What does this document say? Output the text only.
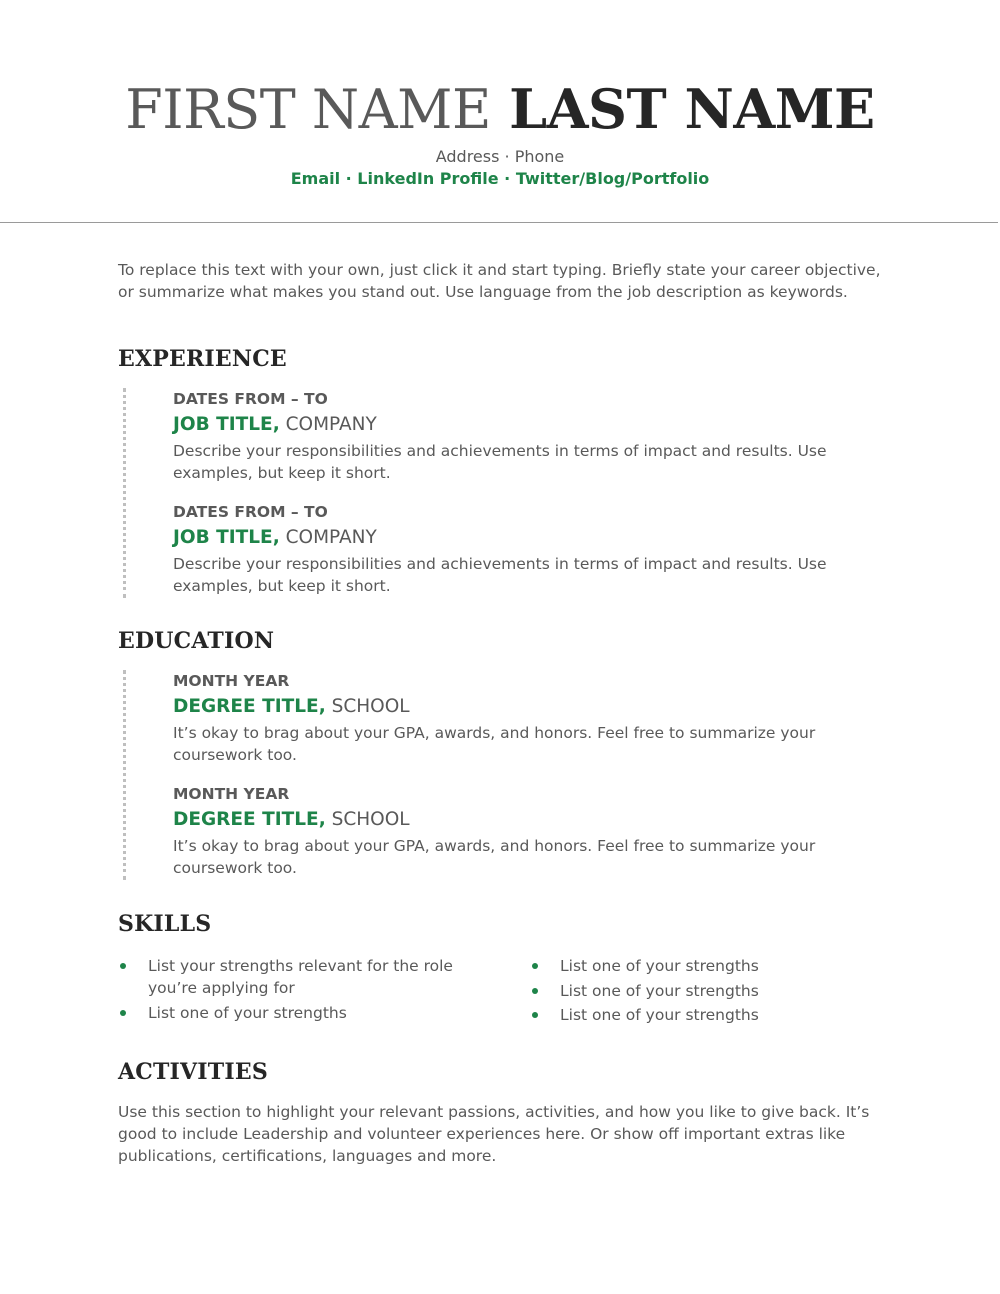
FIRST NAME LAST NAME
Address · Phone
Email · LinkedIn Profile · Twitter/Blog/Portfolio

To replace this text with your own, just click it and start typing. Briefly state your career objective, or summarize what makes you stand out. Use language from the job description as keywords.

EXPERIENCE
DATES FROM – TO
JOB TITLE, COMPANY
Describe your responsibilities and achievements in terms of impact and results. Use examples, but keep it short.
DATES FROM – TO
JOB TITLE, COMPANY
Describe your responsibilities and achievements in terms of impact and results. Use examples, but keep it short.
EDUCATION
MONTH YEAR
DEGREE TITLE, SCHOOL
It’s okay to brag about your GPA, awards, and honors. Feel free to summarize your coursework too.
MONTH YEAR
DEGREE TITLE, SCHOOL
It’s okay to brag about your GPA, awards, and honors. Feel free to summarize your coursework too.
SKILLS
List your strengths relevant for the role you’re applying for
List one of your strengths
List one of your strengths
List one of your strengths
List one of your strengths
ACTIVITIES

Use this section to highlight your relevant passions, activities, and how you like to give back. It’s good to include Leadership and volunteer experiences here. Or show off important extras like publications, certifications, languages and more.
